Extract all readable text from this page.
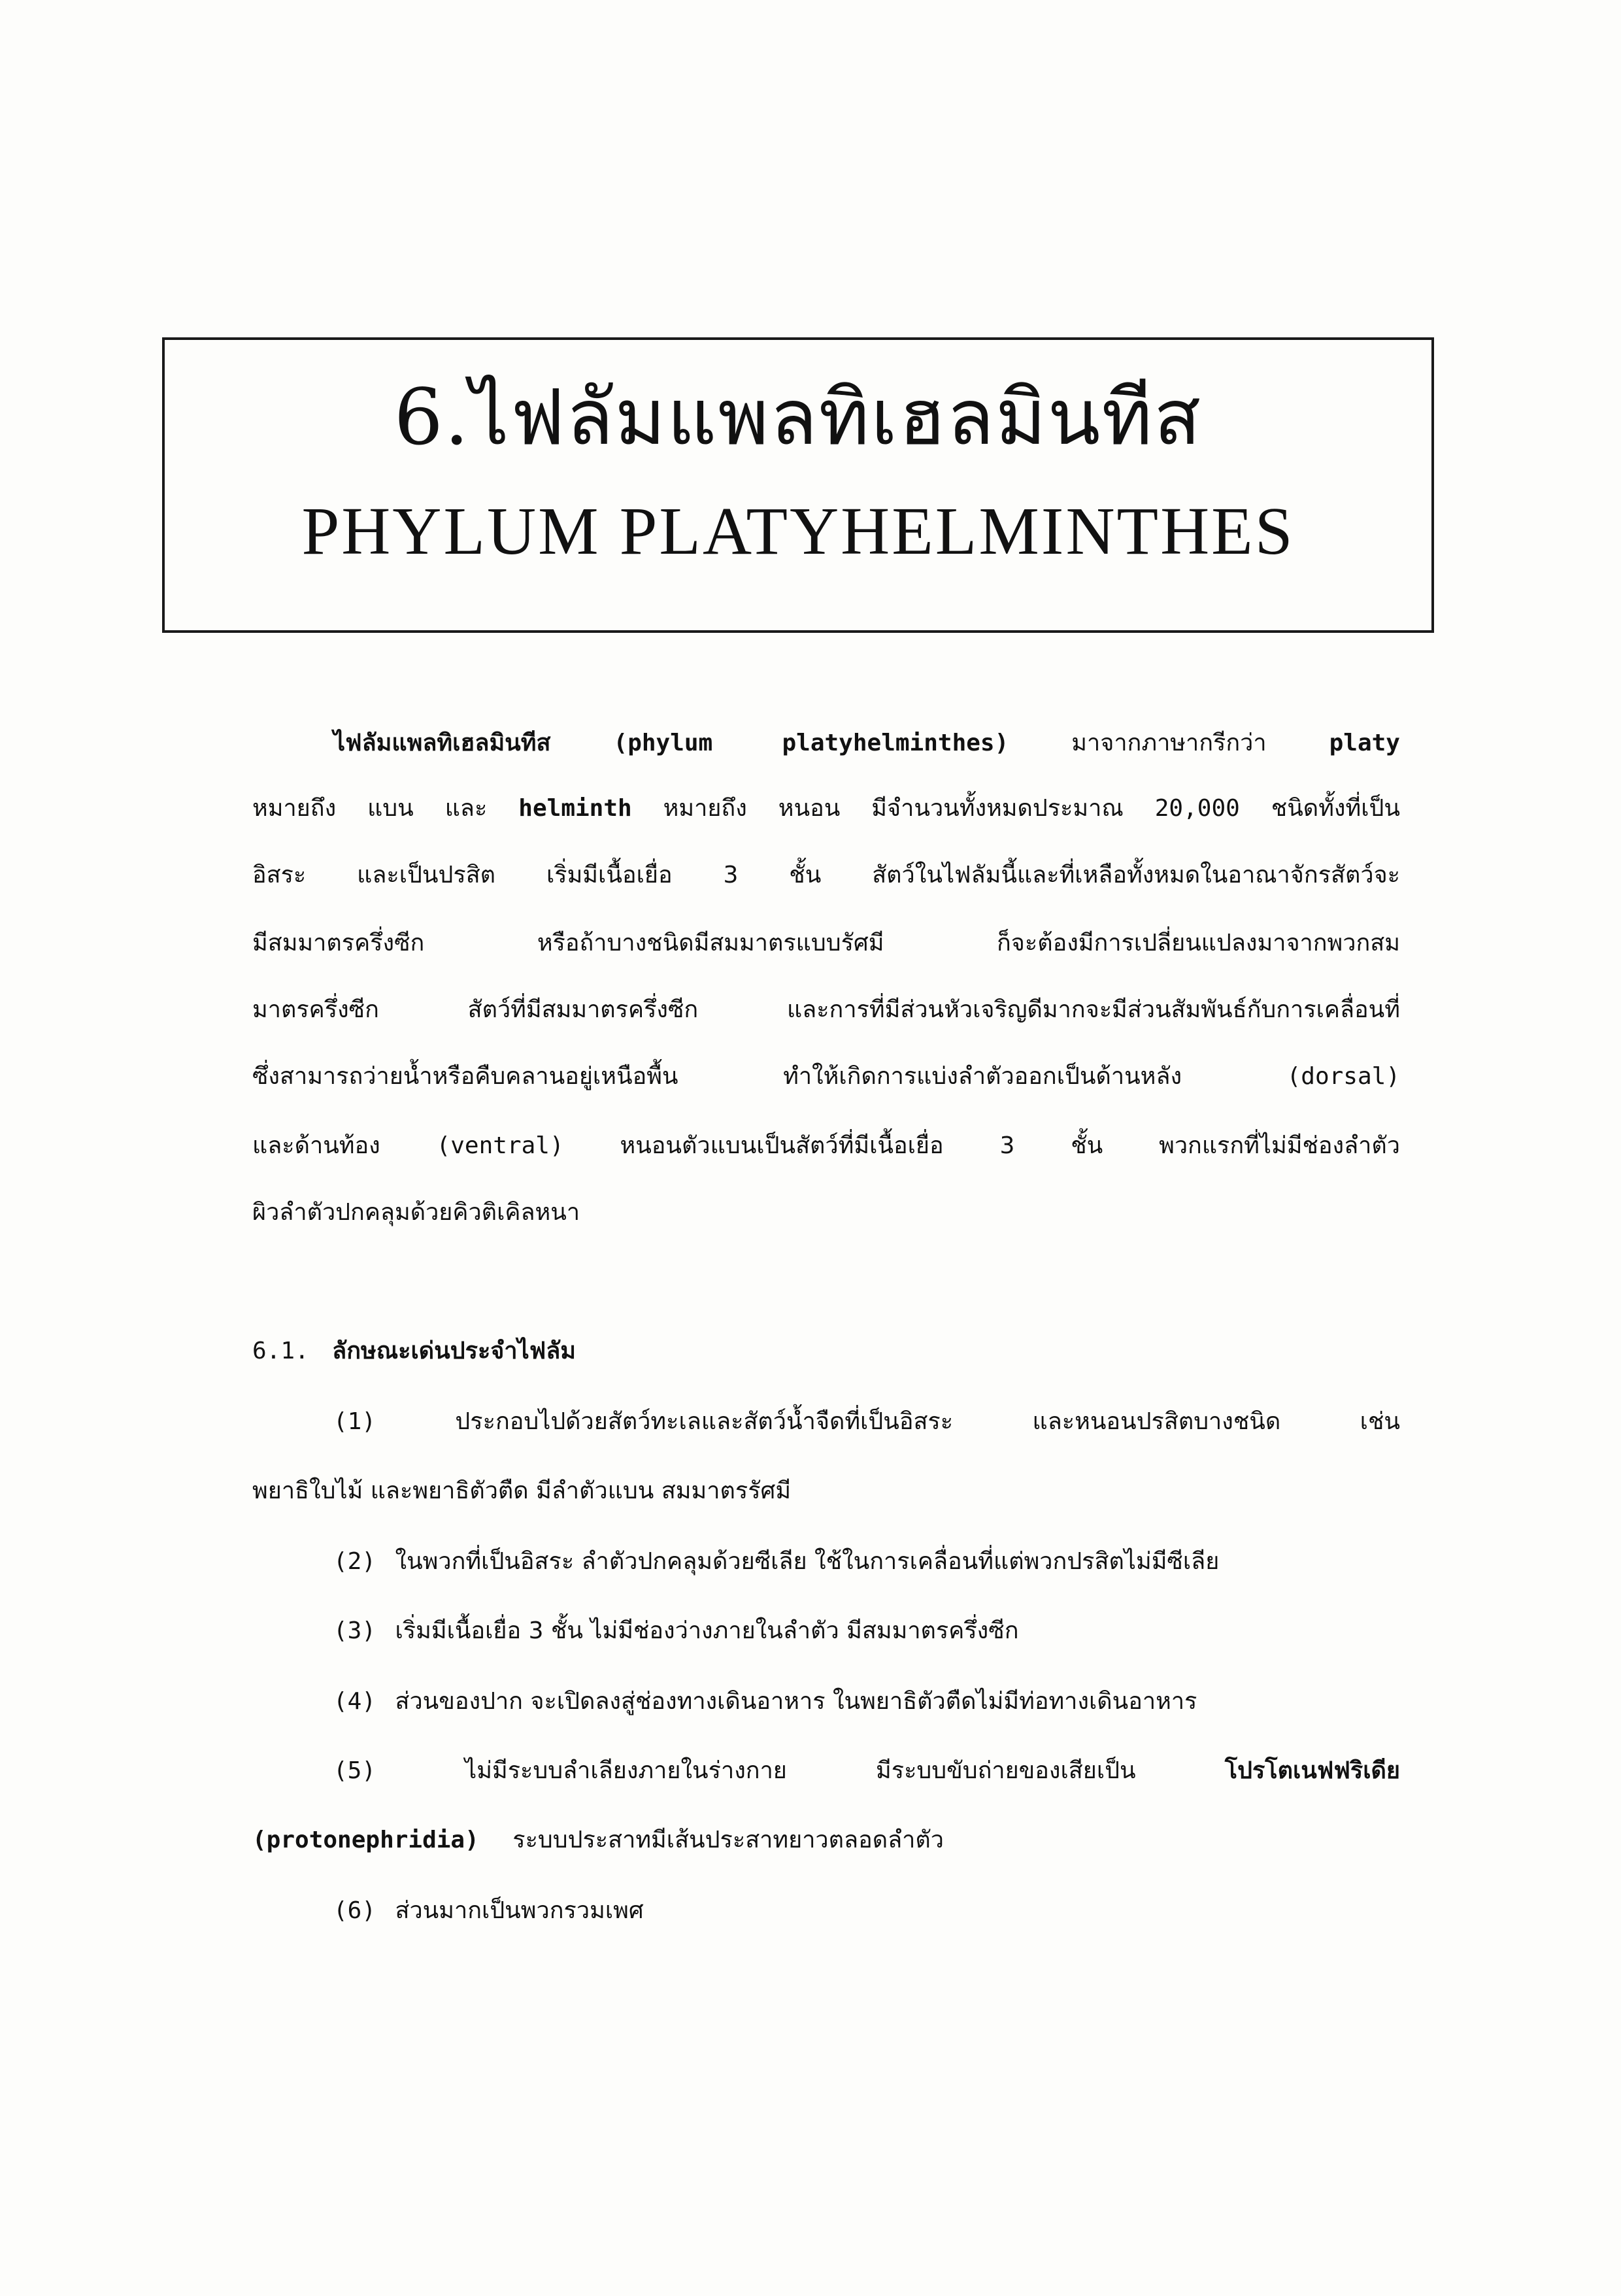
6.ไฟลัมแพลทิเฮลมินทีส
PHYLUM PLATYHELMINTHES
ไฟลัมแพลทิเฮลมินทีส	(phylum platyhelminthes)	มาจากภาษากรีกว่า	platy
หมายถึง แบน และ helminth หมายถึง หนอน มีจำนวนทั้งหมดประมาณ 20,000 ชนิดทั้งที่เป็น
อิสระ และเป็นปรสิต เริ่มมีเนื้อเยื่อ 3 ชั้น สัตว์ในไฟลัมนี้และที่เหลือทั้งหมดในอาณาจักรสัตว์จะ
มีสมมาตรครึ่งซีก หรือถ้าบางชนิดมีสมมาตรแบบรัศมี ก็จะต้องมีการเปลี่ยนแปลงมาจากพวกสม
มาตรครึ่งซีก สัตว์ที่มีสมมาตรครึ่งซีก และการที่มีส่วนหัวเจริญดีมากจะมีส่วนสัมพันธ์กับการเคลื่อนที่
ซึ่งสามารถว่ายน้ำหรือคืบคลานอยู่เหนือพื้น ทำให้เกิดการแบ่งลำตัวออกเป็นด้านหลัง	(dorsal)
และด้านท้อง (ventral) หนอนตัวแบนเป็นสัตว์ที่มีเนื้อเยื่อ 3 ชั้น พวกแรกที่ไม่มีช่องลำตัว
ผิวลำตัวปกคลุมด้วยคิวติเคิลหนา
6.1. ลักษณะเด่นประจำไฟลัม
(1)	ประกอบไปด้วยสัตว์ทะเลและสัตว์น้ำจืดที่เป็นอิสระ	และหนอนปรสิตบางชนิด	เช่น
พยาธิใบไม้ และพยาธิตัวตืด มีลำตัวแบน สมมาตรรัศมี
(2) ในพวกที่เป็นอิสระ ลำตัวปกคลุมด้วยซีเลีย ใช้ในการเคลื่อนที่แต่พวกปรสิตไม่มีซีเลีย
(3) เริ่มมีเนื้อเยื่อ 3 ชั้น ไม่มีช่องว่างภายในลำตัว มีสมมาตรครึ่งซีก
(4) ส่วนของปาก จะเปิดลงสู่ช่องทางเดินอาหาร ในพยาธิตัวตืดไม่มีท่อทางเดินอาหาร
(5)	ไม่มีระบบลำเลียงภายในร่างกาย	มีระบบขับถ่ายของเสียเป็น	โปรโตเนฟฟริเดีย
(protonephridia) ระบบประสาทมีเส้นประสาทยาวตลอดลำตัว
(6) ส่วนมากเป็นพวกรวมเพศ
